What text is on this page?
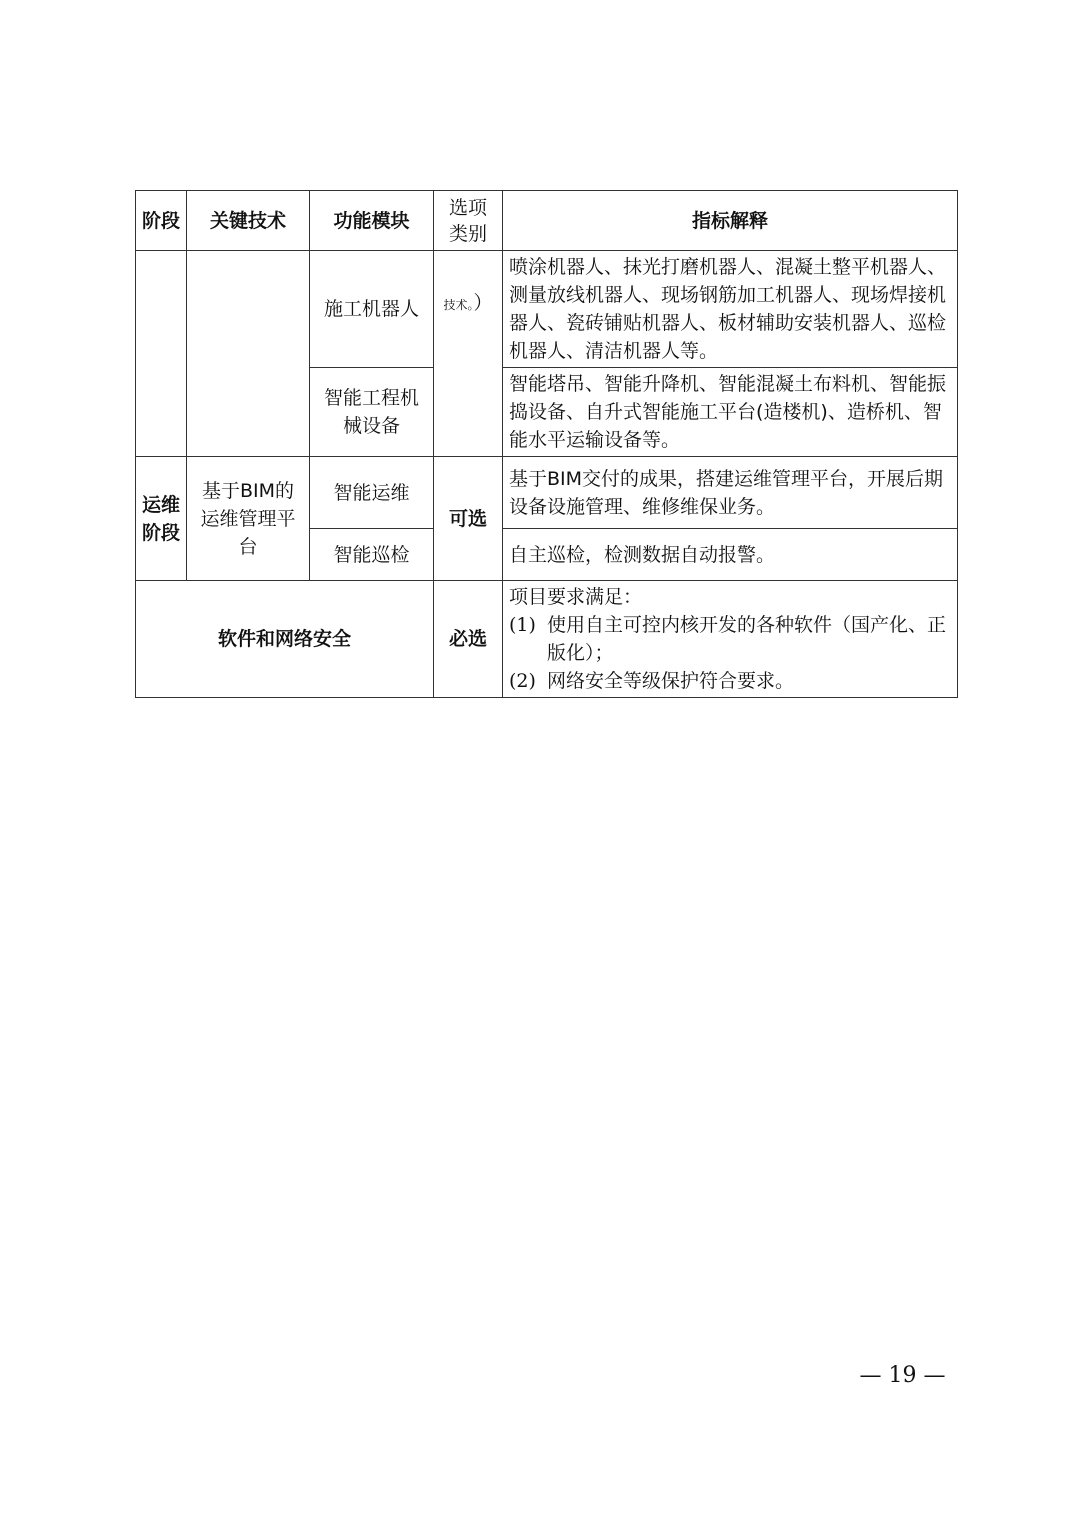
阶段	关键技术	功能模块	选项类别	指标解释
		施工机器人	技术。）	喷涂机器人、抹光打磨机器人、混凝土整平机器人、测量放线机器人、现场钢筋加工机器人、现场焊接机器人、瓷砖铺贴机器人、板材辅助安装机器人、巡检机器人、清洁机器人等。
		智能工程机械设备		智能塔吊、智能升降机、智能混凝土布料机、智能振捣设备、自升式智能施工平台(造楼机)、造桥机、智能水平运输设备等。
运维阶段	基于BIM的运维管理平台	智能运维	可选	基于BIM交付的成果，搭建运维管理平台，开展后期设备设施管理、维修维保业务。
		智能巡检		自主巡检，检测数据自动报警。
软件和网络安全			必选	项目要求满足：
(1) 使用自主可控内核开发的各种软件（国产化、正版化）；
(2) 网络安全等级保护符合要求。
— 19 —
